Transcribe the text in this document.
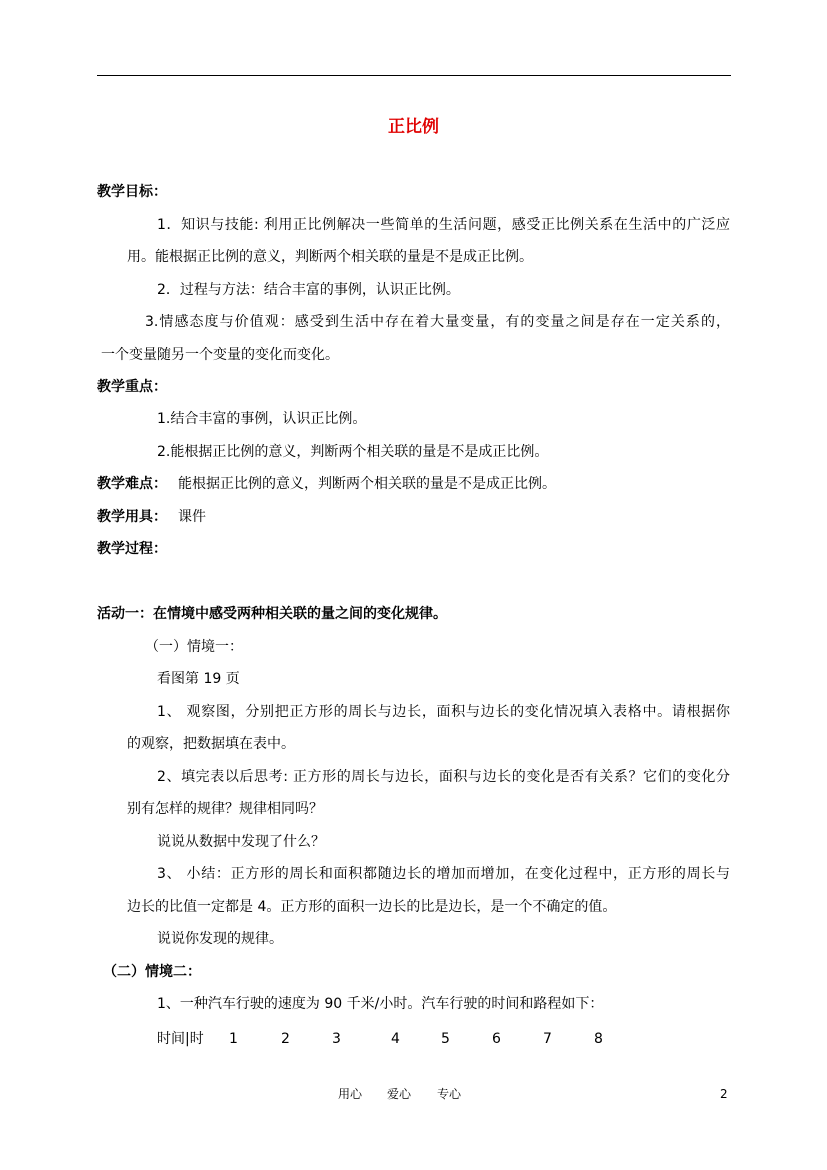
正比例
教学目标：
1．知识与技能: 利用正比例解决一些简单的生活问题，感受正比例关系在生活中的广泛应
用。能根据正比例的意义，判断两个相关联的量是不是成正比例。
2．过程与方法：结合丰富的事例，认识正比例。
3.情感态度与价值观：感受到生活中存在着大量变量，有的变量之间是存在一定关系的，
一个变量随另一个变量的变化而变化。
教学重点：
1.结合丰富的事例，认识正比例。
2.能根据正比例的意义，判断两个相关联的量是不是成正比例。
教学难点： 能根据正比例的意义，判断两个相关联的量是不是成正比例。
教学用具： 课件
教学过程：
活动一：在情境中感受两种相关联的量之间的变化规律。
（一）情境一：
看图第 19 页
1、 观察图，分别把正方形的周长与边长，面积与边长的变化情况填入表格中。请根据你
的观察，把数据填在表中。
2、填完表以后思考: 正方形的周长与边长，面积与边长的变化是否有关系？它们的变化分
别有怎样的规律？规律相同吗？
说说从数据中发现了什么？
3、 小结：正方形的周长和面积都随边长的增加而增加，在变化过程中，正方形的周长与
边长的比值一定都是 4。正方形的面积一边长的比是边长，是一个不确定的值。
说说你发现的规律。
（二）情境二：
1、一种汽车行驶的速度为 90 千米/小时。汽车行驶的时间和路程如下：
时间|时 1	2	3	4	5	6	7	8
用心 爱心 专心	2
